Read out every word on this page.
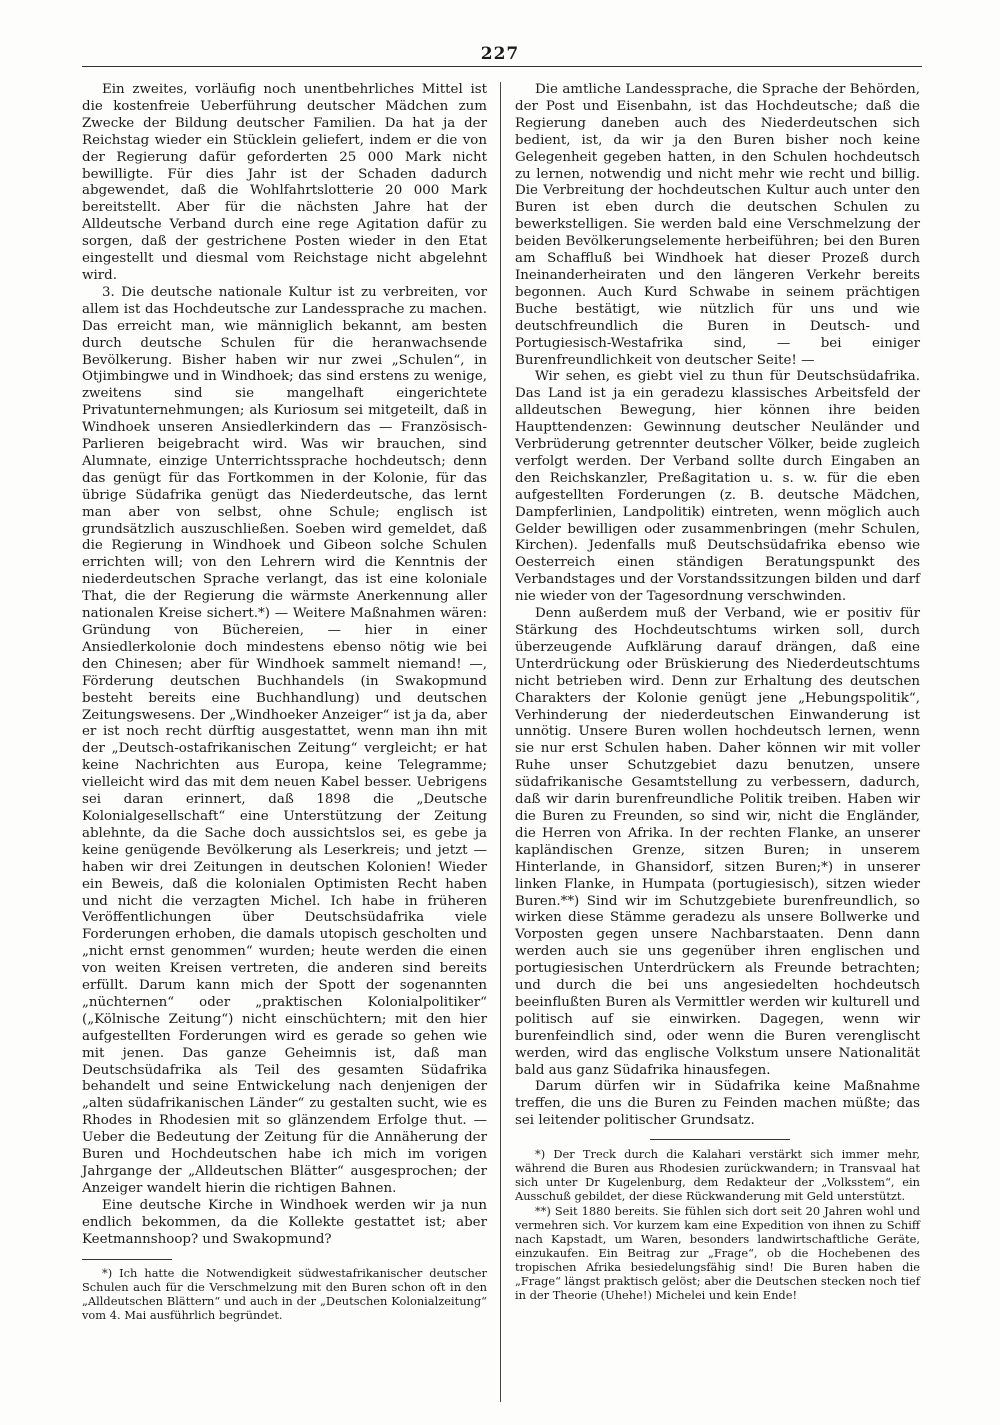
227

Ein zweites, vorläufig noch unentbehrliches Mittel ist die kostenfreie Ueberführung deutscher Mädchen zum Zwecke der Bildung deutscher Familien. Da hat ja der Reichstag wieder ein Stücklein geliefert, indem er die von der Regierung dafür geforderten 25 000 Mark nicht bewilligte. Für dies Jahr ist der Schaden dadurch abgewendet, daß die Wohlfahrtslotterie 20 000 Mark bereitstellt. Aber für die nächsten Jahre hat der Alldeutsche Verband durch eine rege Agitation dafür zu sorgen, daß der gestrichene Posten wieder in den Etat eingestellt und diesmal vom Reichstage nicht abgelehnt wird.

3. Die deutsche nationale Kultur ist zu verbreiten, vor allem ist das Hochdeutsche zur Landessprache zu machen. Das erreicht man, wie männiglich bekannt, am besten durch deutsche Schulen für die heranwachsende Bevölkerung. Bisher haben wir nur zwei „Schulen“, in Otjimbingwe und in Windhoek; das sind erstens zu wenige, zweitens sind sie mangelhaft eingerichtete Privatunternehmungen; als Kuriosum sei mitgeteilt, daß in Windhoek unseren Ansiedlerkindern das — Französisch-Parlieren beigebracht wird. Was wir brauchen, sind Alumnate, einzige Unterrichtssprache hochdeutsch; denn das genügt für das Fortkommen in der Kolonie, für das übrige Südafrika genügt das Niederdeutsche, das lernt man aber von selbst, ohne Schule; englisch ist grundsätzlich auszuschließen. Soeben wird gemeldet, daß die Regierung in Windhoek und Gibeon solche Schulen errichten will; von den Lehrern wird die Kenntnis der niederdeutschen Sprache verlangt, das ist eine koloniale That, die der Regierung die wärmste Anerkennung aller nationalen Kreise sichert.*) — Weitere Maßnahmen wären: Gründung von Büchereien, — hier in einer Ansiedlerkolonie doch mindestens ebenso nötig wie bei den Chinesen; aber für Windhoek sammelt niemand! —, Förderung deutschen Buchhandels (in Swakopmund besteht bereits eine Buchhandlung) und deutschen Zeitungswesens. Der „Windhoeker Anzeiger“ ist ja da, aber er ist noch recht dürftig ausgestattet, wenn man ihn mit der „Deutsch-ostafrikanischen Zeitung“ vergleicht; er hat keine Nachrichten aus Europa, keine Telegramme; vielleicht wird das mit dem neuen Kabel besser. Uebrigens sei daran erinnert, daß 1898 die „Deutsche Kolonialgesellschaft“ eine Unterstützung der Zeitung ablehnte, da die Sache doch aussichtslos sei, es gebe ja keine genügende Bevölkerung als Leserkreis; und jetzt — haben wir drei Zeitungen in deutschen Kolonien! Wieder ein Beweis, daß die kolonialen Optimisten Recht haben und nicht die verzagten Michel. Ich habe in früheren Veröffentlichungen über Deutschsüdafrika viele Forderungen erhoben, die damals utopisch gescholten und „nicht ernst genommen“ wurden; heute werden die einen von weiten Kreisen vertreten, die anderen sind bereits erfüllt. Darum kann mich der Spott der sogenannten „nüchternen“ oder „praktischen Kolonialpolitiker“ („Kölnische Zeitung“) nicht einschüchtern; mit den hier aufgestellten Forderungen wird es gerade so gehen wie mit jenen. Das ganze Geheimnis ist, daß man Deutschsüdafrika als Teil des gesamten Südafrika behandelt und seine Entwickelung nach denjenigen der „alten südafrikanischen Länder“ zu gestalten sucht, wie es Rhodes in Rhodesien mit so glänzendem Erfolge thut. — Ueber die Bedeutung der Zeitung für die Annäherung der Buren und Hochdeutschen habe ich mich im vorigen Jahrgange der „Alldeutschen Blätter“ ausgesprochen; der Anzeiger wandelt hierin die richtigen Bahnen.

Eine deutsche Kirche in Windhoek werden wir ja nun endlich bekommen, da die Kollekte gestattet ist; aber Keetmannshoop? und Swakopmund?

*) Ich hatte die Notwendigkeit südwestafrikanischer deutscher Schulen auch für die Verschmelzung mit den Buren schon oft in den „Alldeutschen Blättern“ und auch in der „Deutschen Kolonialzeitung“ vom 4. Mai ausführlich begründet.

Die amtliche Landessprache, die Sprache der Behörden, der Post und Eisenbahn, ist das Hochdeutsche; daß die Regierung daneben auch des Niederdeutschen sich bedient, ist, da wir ja den Buren bisher noch keine Gelegenheit gegeben hatten, in den Schulen hochdeutsch zu lernen, notwendig und nicht mehr wie recht und billig. Die Verbreitung der hochdeutschen Kultur auch unter den Buren ist eben durch die deutschen Schulen zu bewerkstelligen. Sie werden bald eine Verschmelzung der beiden Bevölkerungselemente herbeiführen; bei den Buren am Schaffluß bei Windhoek hat dieser Prozeß durch Ineinanderheiraten und den längeren Verkehr bereits begonnen. Auch Kurd Schwabe in seinem prächtigen Buche bestätigt, wie nützlich für uns und wie deutschfreundlich die Buren in Deutsch- und Portugiesisch-Westafrika sind, — bei einiger Burenfreundlichkeit von deutscher Seite! —

Wir sehen, es giebt viel zu thun für Deutschsüdafrika. Das Land ist ja ein geradezu klassisches Arbeitsfeld der alldeutschen Bewegung, hier können ihre beiden Haupttendenzen: Gewinnung deutscher Neuländer und Verbrüderung getrennter deutscher Völker, beide zugleich verfolgt werden. Der Verband sollte durch Eingaben an den Reichskanzler, Preßagitation u. s. w. für die eben aufgestellten Forderungen (z. B. deutsche Mädchen, Dampferlinien, Landpolitik) eintreten, wenn möglich auch Gelder bewilligen oder zusammenbringen (mehr Schulen, Kirchen). Jedenfalls muß Deutschsüdafrika ebenso wie Oesterreich einen ständigen Beratungspunkt des Verbandstages und der Vorstandssitzungen bilden und darf nie wieder von der Tagesordnung verschwinden.

Denn außerdem muß der Verband, wie er positiv für Stärkung des Hochdeutschtums wirken soll, durch überzeugende Aufklärung darauf drängen, daß eine Unterdrückung oder Brüskierung des Niederdeutschtums nicht betrieben wird. Denn zur Erhaltung des deutschen Charakters der Kolonie genügt jene „Hebungspolitik“, Verhinderung der niederdeutschen Einwanderung ist unnötig. Unsere Buren wollen hochdeutsch lernen, wenn sie nur erst Schulen haben. Daher können wir mit voller Ruhe unser Schutzgebiet dazu benutzen, unsere südafrikanische Gesamtstellung zu verbessern, dadurch, daß wir darin burenfreundliche Politik treiben. Haben wir die Buren zu Freunden, so sind wir, nicht die Engländer, die Herren von Afrika. In der rechten Flanke, an unserer kapländischen Grenze, sitzen Buren; in unserem Hinterlande, in Ghansidorf, sitzen Buren;*) in unserer linken Flanke, in Humpata (portugiesisch), sitzen wieder Buren.**) Sind wir im Schutzgebiete burenfreundlich, so wirken diese Stämme geradezu als unsere Bollwerke und Vorposten gegen unsere Nachbarstaaten. Denn dann werden auch sie uns gegenüber ihren englischen und portugiesischen Unterdrückern als Freunde betrachten; und durch die bei uns angesiedelten hochdeutsch beeinflußten Buren als Vermittler werden wir kulturell und politisch auf sie einwirken. Dagegen, wenn wir burenfeindlich sind, oder wenn die Buren verenglischt werden, wird das englische Volkstum unsere Nationalität bald aus ganz Südafrika hinausfegen.

Darum dürfen wir in Südafrika keine Maßnahme treffen, die uns die Buren zu Feinden machen müßte; das sei leitender politischer Grundsatz.

*) Der Treck durch die Kalahari verstärkt sich immer mehr, während die Buren aus Rhodesien zurückwandern; in Transvaal hat sich unter Dr Kugelenburg, dem Redakteur der „Volksstem“, ein Ausschuß gebildet, der diese Rückwanderung mit Geld unterstützt.

**) Seit 1880 bereits. Sie fühlen sich dort seit 20 Jahren wohl und vermehren sich. Vor kurzem kam eine Expedition von ihnen zu Schiff nach Kapstadt, um Waren, besonders landwirtschaftliche Geräte, einzukaufen. Ein Beitrag zur „Frage“, ob die Hochebenen des tropischen Afrika besiedelungsfähig sind! Die Buren haben die „Frage“ längst praktisch gelöst; aber die Deutschen stecken noch tief in der Theorie (Uhehe!) Michelei und kein Ende!
